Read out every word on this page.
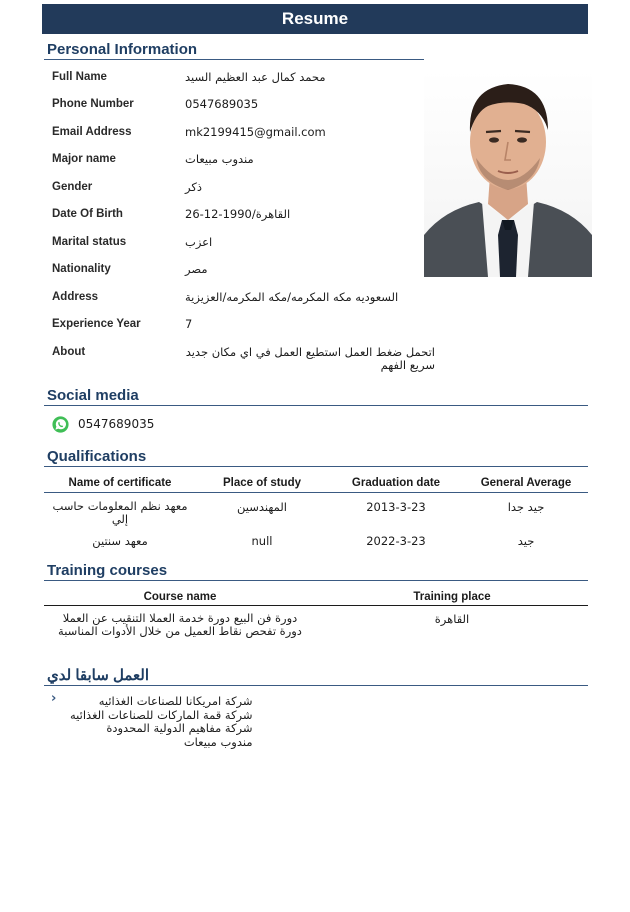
Resume
Personal Information
Full Name	محمد كمال عبد العظيم السيد
Phone Number	0547689035
Email Address	mk2199415@gmail.com
Major name	مندوب مبيعات
Gender	ذكر
Date Of Birth	26-12-1990/القاهرة
Marital status	اعزب
Nationality	مصر
Address	السعوديه مكه المكرمه/مكه المكرمه/العزيزية
Experience Year	7
About	اتحمل ضغط العمل استطيع العمل في اي مكان جديد سريع الفهم
Social media
0547689035
Qualifications
Name of certificate	Place of study	Graduation date	General Average
معهد نظم المعلومات حاسب إلي	المهندسين	2013-3-23	جيد جدا
معهد سنتين	null	2022-3-23	جيد
Training courses
Course name	Training place
دورة فن البيع دورة خدمة العملا التنقيب عن العملا دورة تفحص نقاط العميل من خلال الأدوات المناسبة	القاهرة
العمل سابقا لدي
›	شركة امريكانا للصناعات الغذائيه
شركة قمة الماركات للصناعات الغذائيه
شركة مفاهيم الدولية المحدودة
مندوب مبيعات
